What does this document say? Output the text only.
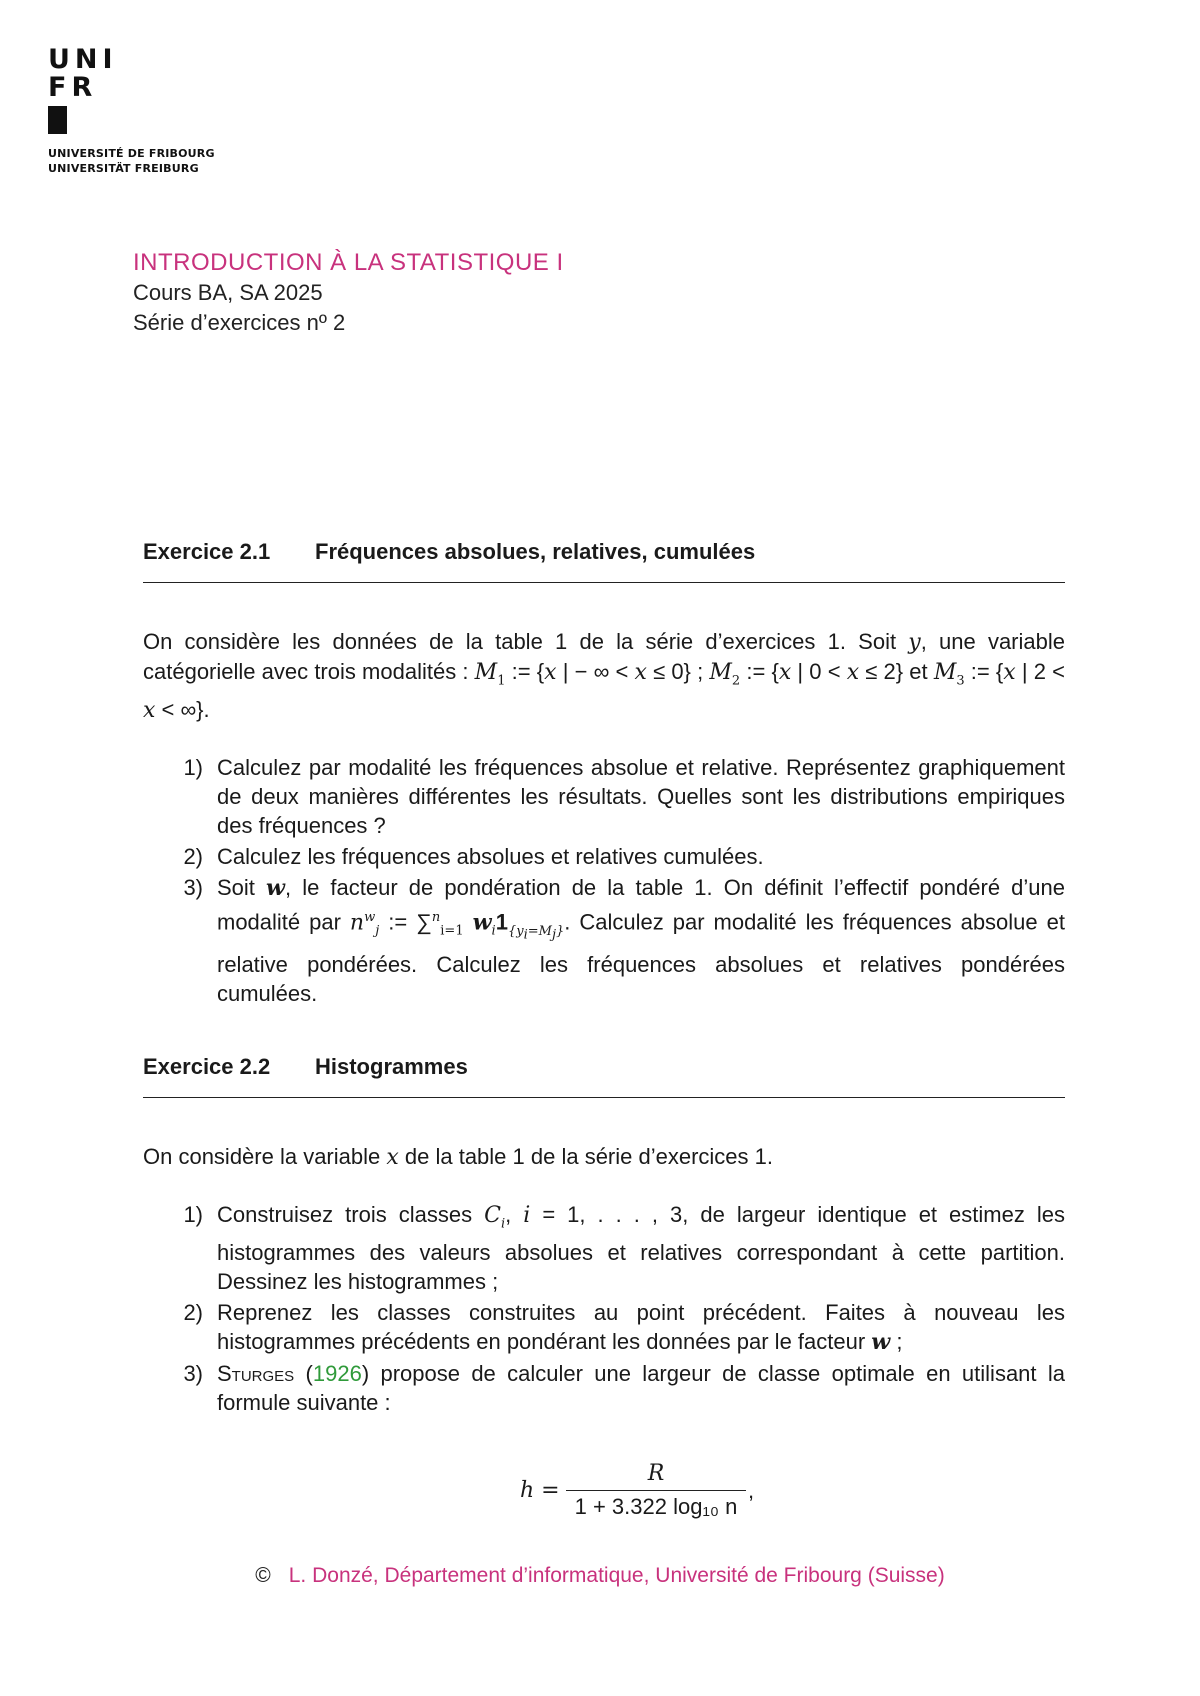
UNI
FR
UNIVERSITÉ DE FRIBOURG
UNIVERSITÄT FREIBURG
INTRODUCTION À LA STATISTIQUE I
Cours BA, SA 2025
Série d’exercices nº 2
Exercice 2.1	Fréquences absolues, relatives, cumulées
On considère les données de la table 1 de la série d’exercices 1. Soit y, une variable catégorielle avec trois modalités : $M_1$ := {x | − ∞ < x ≤ 0} ; $M_2$ := {x | 0 < x ≤ 2} et $M_3$ := {x | 2 < x < ∞}.
1) Calculez par modalité les fréquences absolue et relative. Représentez graphiquement de deux manières différentes les résultats. Quelles sont les distributions empiriques des fréquences ?
2) Calculez les fréquences absolues et relatives cumulées.
3) Soit w, le facteur de pondération de la table 1. On définit l’effectif pondéré d’une modalité par $n^w_j$ := ∑$^n_{i=1}$ $w_i1_{\{y_i=M_j\}}$. Calculez par modalité les fréquences absolue et relative pondérées. Calculez les fréquences absolues et relatives pondérées cumulées.
Exercice 2.2	Histogrammes
On considère la variable x de la table 1 de la série d’exercices 1.
1) Construisez trois classes $C_i$, i = 1, . . . , 3, de largeur identique et estimez les histogrammes des valeurs absolues et relatives correspondant à cette partition. Dessinez les histogrammes ;
2) Reprenez les classes construites au point précédent. Faites à nouveau les histogrammes précédents en pondérant les données par le facteur w ;
3) Sturges (1926) propose de calculer une largeur de classe optimale en utilisant la formule suivante :
h =
R
1 + 3.322 log₁₀ n
,
© L. Donzé, Département d’informatique, Université de Fribourg (Suisse)
